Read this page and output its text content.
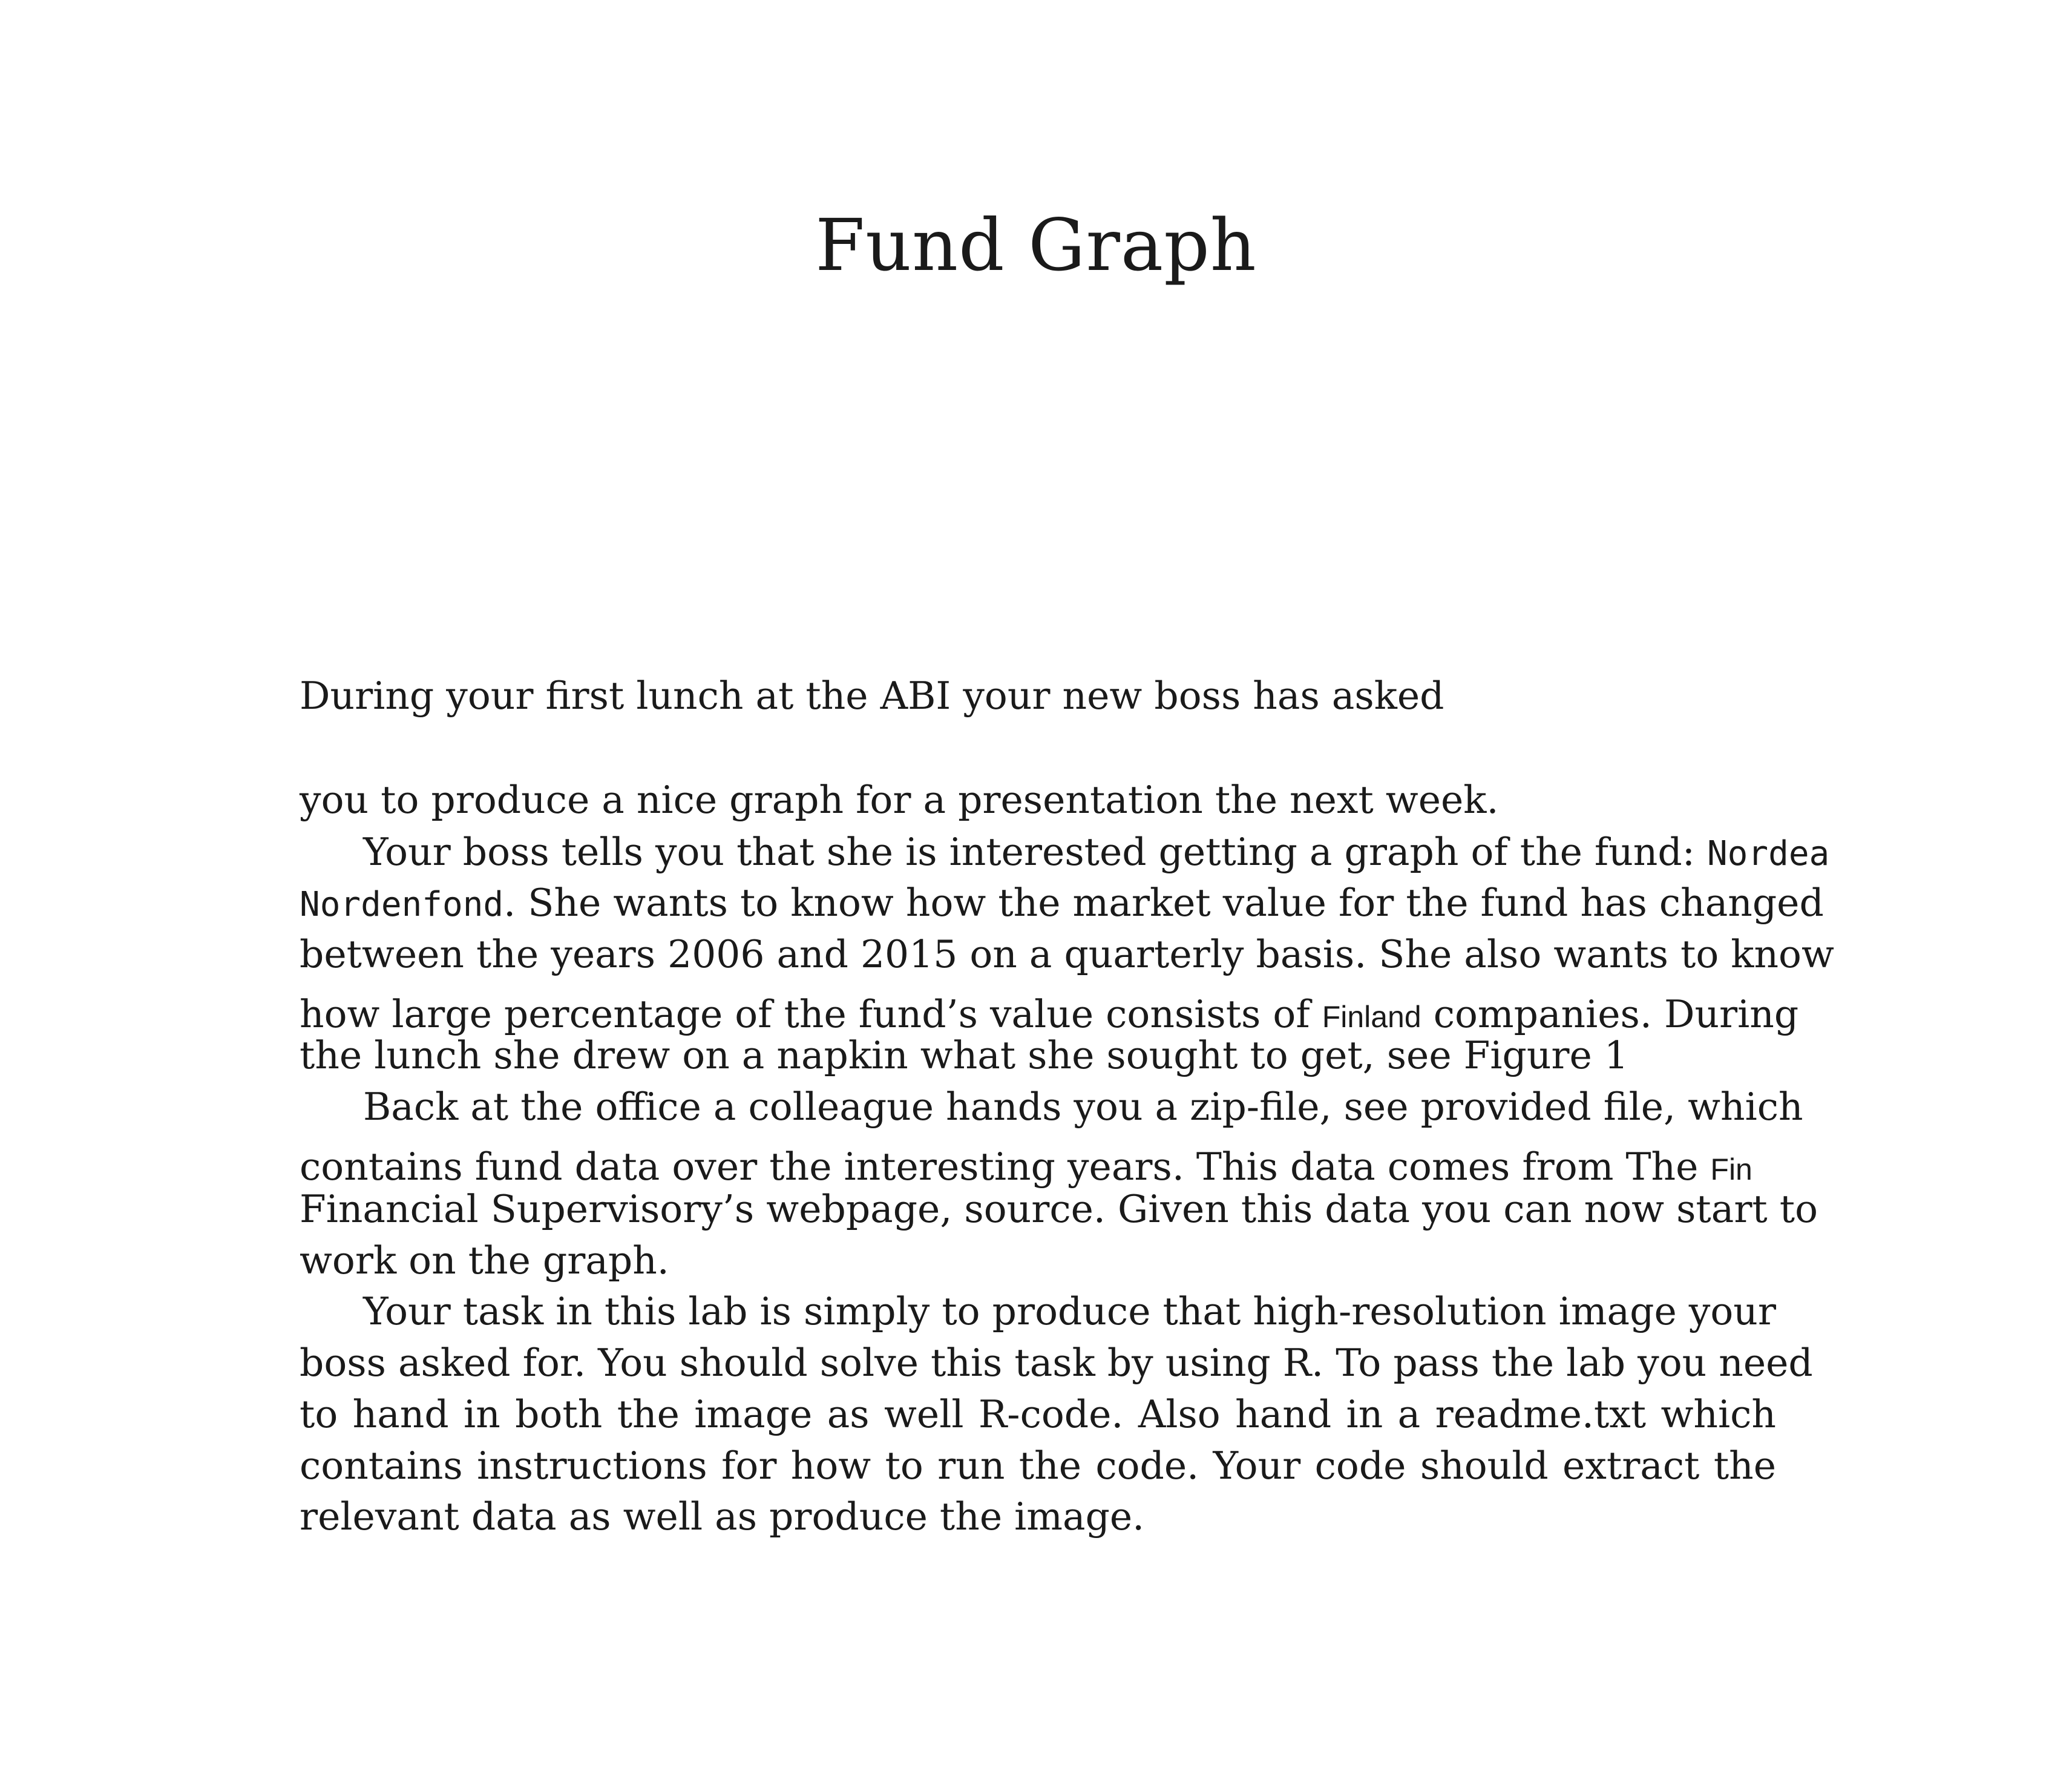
Fund Graph
During your first lunch at the ABI your new boss has asked
you to produce a nice graph for a presentation the next week.
Your boss tells you that she is interested getting a graph of the fund: Nordea
Nordenfond. She wants to know how the market value for the fund has changed
between the years 2006 and 2015 on a quarterly basis. She also wants to know
how large percentage of the fund’s value consists of Finland companies. During
the lunch she drew on a napkin what she sought to get, see Figure 1
Back at the office a colleague hands you a zip-file, see provided file, which
contains fund data over the interesting years. This data comes from The Fin
Financial Supervisory’s webpage, source. Given this data you can now start to
work on the graph.
Your task in this lab is simply to produce that high-resolution image your
boss asked for. You should solve this task by using R. To pass the lab you need
to hand in both the image as well R-code. Also hand in a readme.txt which
contains instructions for how to run the code. Your code should extract the
relevant data as well as produce the image.
